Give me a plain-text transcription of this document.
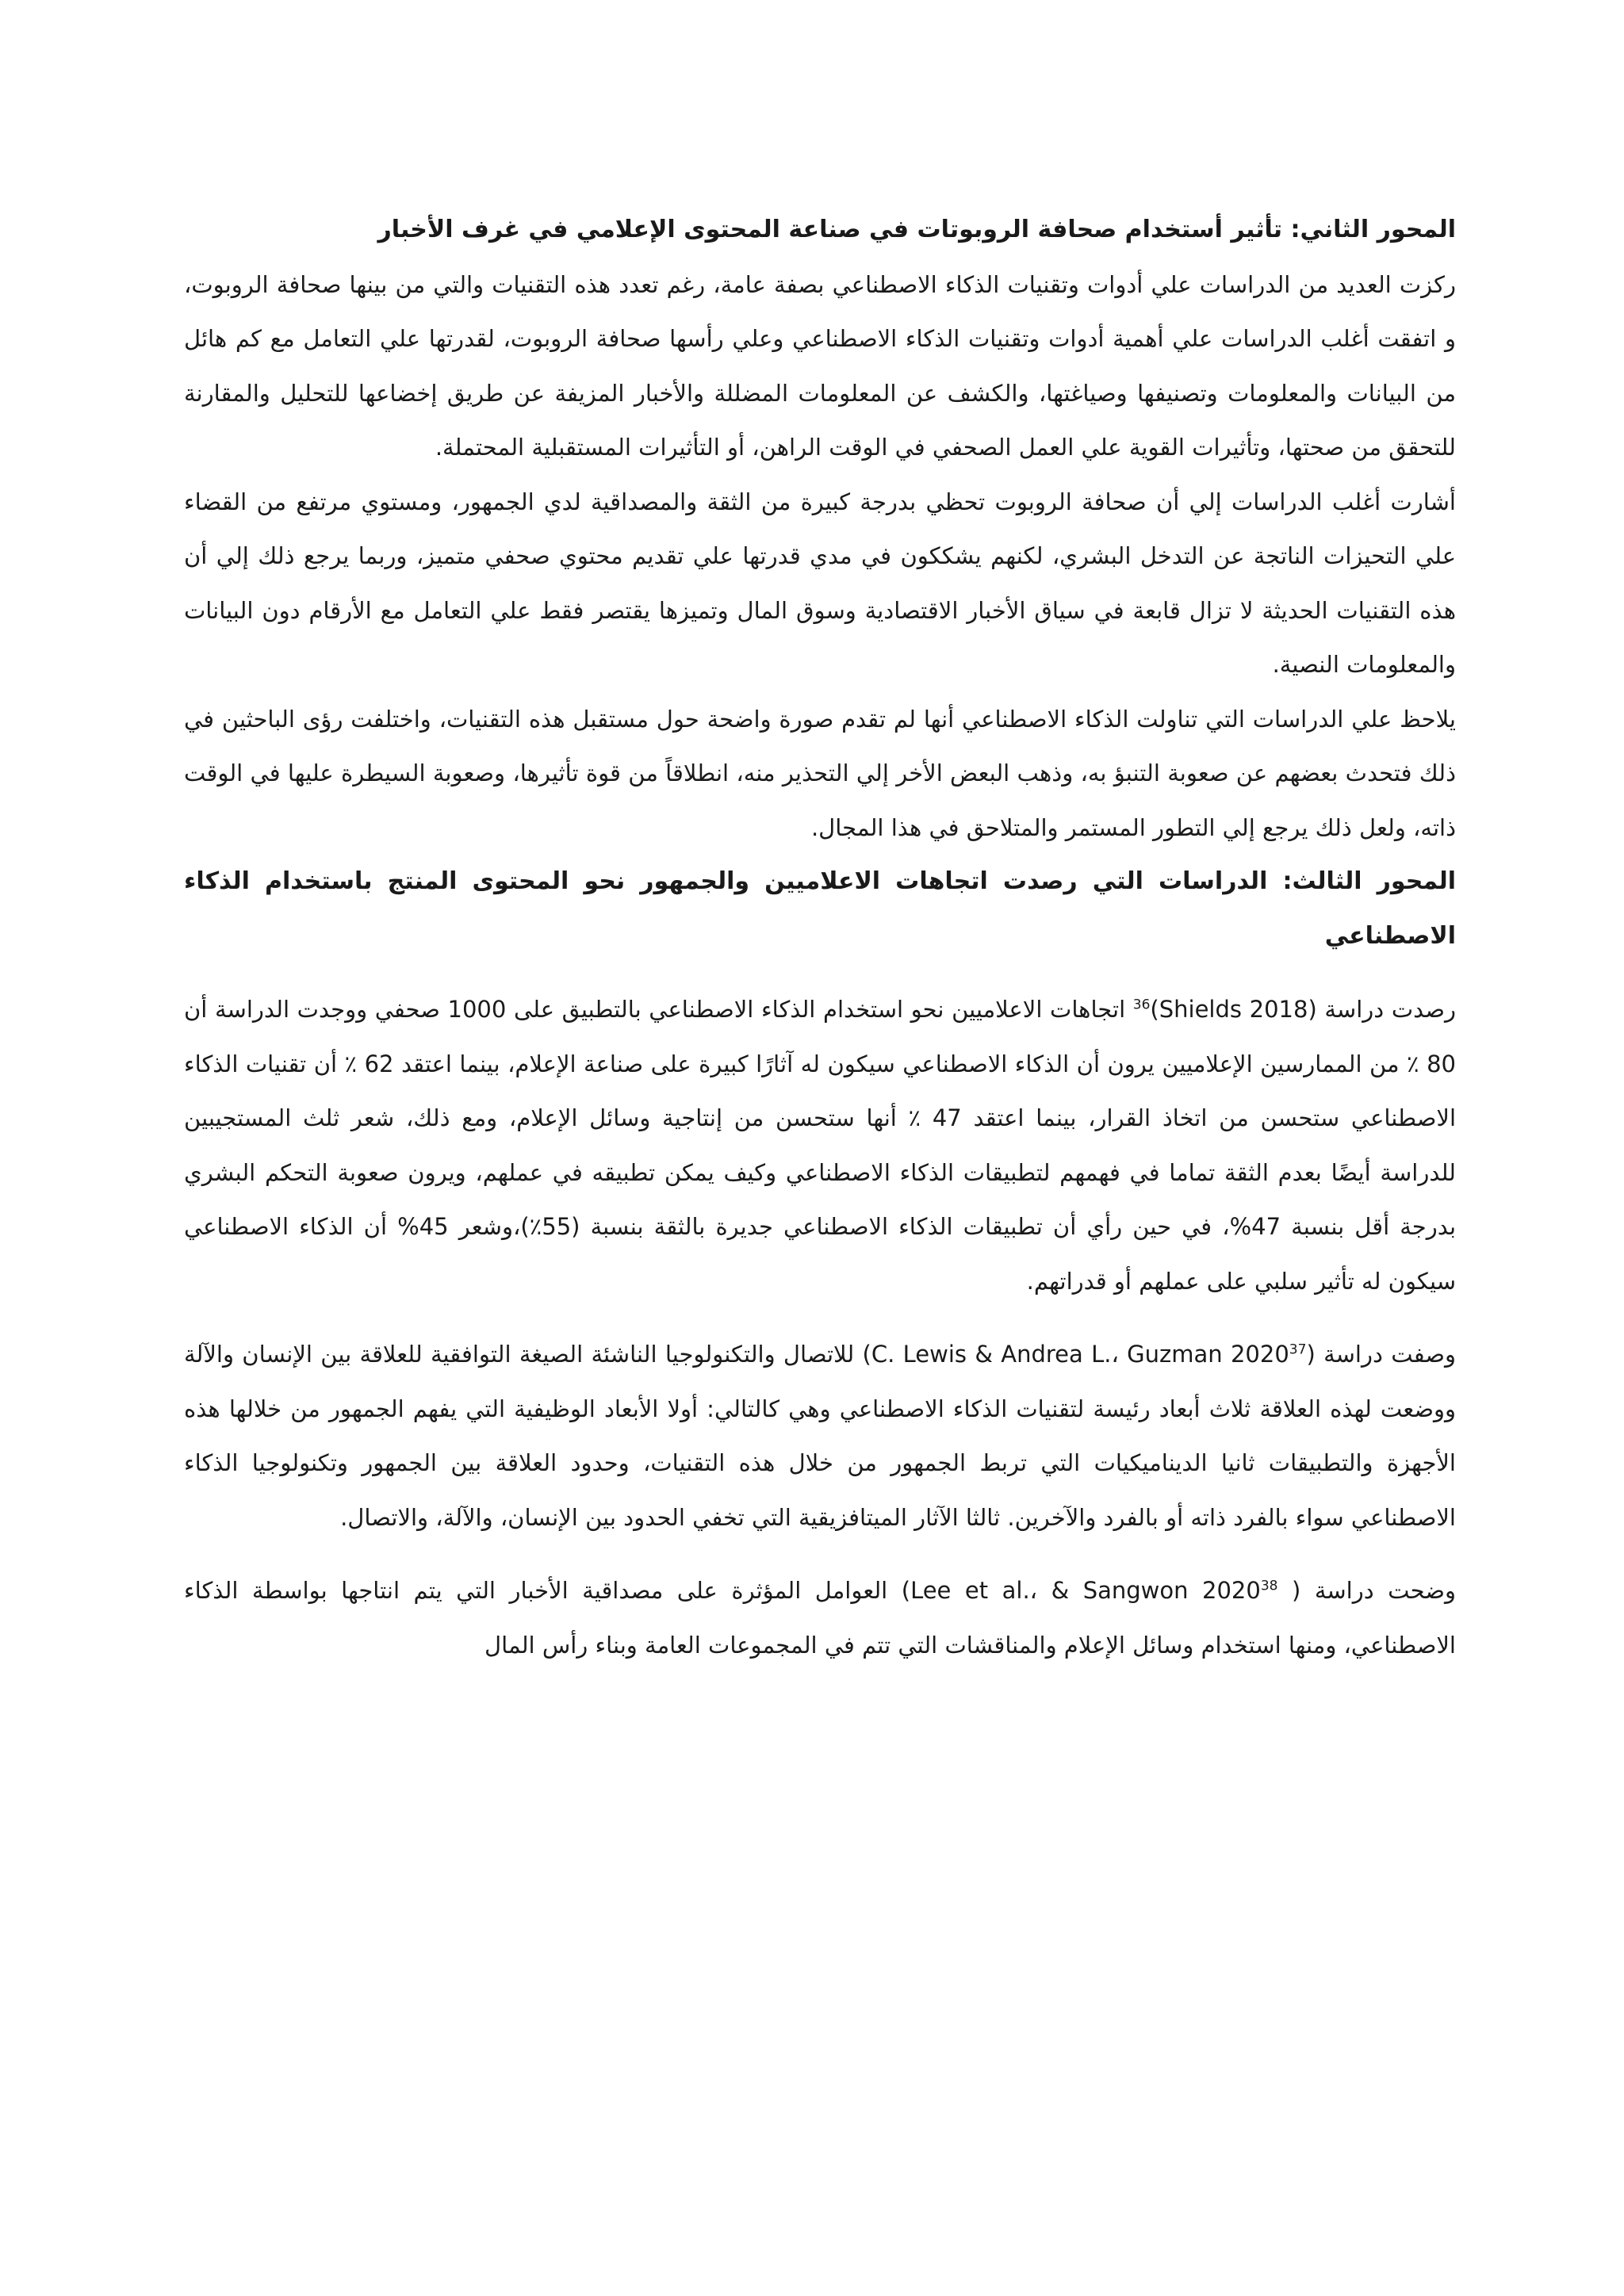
المحور الثاني: تأثير أستخدام صحافة الروبوتات في صناعة المحتوى الإعلامي في غرف الأخبار

ركزت العديد من الدراسات علي أدوات وتقنيات الذكاء الاصطناعي بصفة عامة، رغم تعدد هذه التقنيات والتي من بينها صحافة الروبوت، و اتفقت أغلب الدراسات علي أهمية أدوات وتقنيات الذكاء الاصطناعي وعلي رأسها صحافة الروبوت، لقدرتها علي التعامل مع كم هائل من البيانات والمعلومات وتصنيفها وصياغتها، والكشف عن المعلومات المضللة والأخبار المزيفة عن طريق إخضاعها للتحليل والمقارنة للتحقق من صحتها، وتأثيرات القوية علي العمل الصحفي في الوقت الراهن، أو التأثيرات المستقبلية المحتملة.

أشارت أغلب الدراسات إلي أن صحافة الروبوت تحظي بدرجة كبيرة من الثقة والمصداقية لدي الجمهور، ومستوي مرتفع من القضاء علي التحيزات الناتجة عن التدخل البشري، لكنهم يشككون في مدي قدرتها علي تقديم محتوي صحفي متميز، وربما يرجع ذلك إلي أن هذه التقنيات الحديثة لا تزال قابعة في سياق الأخبار الاقتصادية وسوق المال وتميزها يقتصر فقط علي التعامل مع الأرقام دون البيانات والمعلومات النصية.

يلاحظ علي الدراسات التي تناولت الذكاء الاصطناعي أنها لم تقدم صورة واضحة حول مستقبل هذه التقنيات، واختلفت رؤى الباحثين في ذلك فتحدث بعضهم عن صعوبة التنبؤ به، وذهب البعض الأخر إلي التحذير منه، انطلاقاً من قوة تأثيرها، وصعوبة السيطرة عليها في الوقت ذاته، ولعل ذلك يرجع إلي التطور المستمر والمتلاحق في هذا المجال.

المحور الثالث: الدراسات التي رصدت اتجاهات الاعلاميين والجمهور نحو المحتوى المنتج باستخدام الذكاء الاصطناعي

رصدت دراسة (Shields 2018)$^{36}$ اتجاهات الاعلاميين نحو استخدام الذكاء الاصطناعي بالتطبيق على 1000 صحفي ووجدت الدراسة أن 80 ٪ من الممارسين الإعلاميين يرون أن الذكاء الاصطناعي سيكون له آثارًا كبيرة على صناعة الإعلام، بينما اعتقد 62 ٪ أن تقنيات الذكاء الاصطناعي ستحسن من اتخاذ القرار، بينما اعتقد 47 ٪ أنها ستحسن من إنتاجية وسائل الإعلام، ومع ذلك، شعر ثلث المستجيبين للدراسة أيضًا بعدم الثقة تماما في فهمهم لتطبيقات الذكاء الاصطناعي وكيف يمكن تطبيقه في عملهم، ويرون صعوبة التحكم البشري بدرجة أقل بنسبة 47%، في حين رأي أن تطبيقات الذكاء الاصطناعي جديرة بالثقة بنسبة (55٪)،وشعر 45% أن الذكاء الاصطناعي سيكون له تأثير سلبي على عملهم أو قدراتهم.

وصفت دراسة (C. Lewis & Andrea L.، Guzman 2020$^{37}$) للاتصال والتكنولوجيا الناشئة الصيغة التوافقية للعلاقة بين الإنسان والآلة ووضعت لهذه العلاقة ثلاث أبعاد رئيسة لتقنيات الذكاء الاصطناعي وهي كالتالي: أولا الأبعاد الوظيفية التي يفهم الجمهور من خلالها هذه الأجهزة والتطبيقات ثانيا الديناميكيات التي تربط الجمهور من خلال هذه التقنيات، وحدود العلاقة بين الجمهور وتكنولوجيا الذكاء الاصطناعي سواء بالفرد ذاته أو بالفرد والآخرين. ثالثا الآثار الميتافزيقية التي تخفي الحدود بين الإنسان، والآلة، والاتصال.

وضحت دراسة ( Lee et al.، & Sangwon 2020$^{38}$) العوامل المؤثرة على مصداقية الأخبار التي يتم انتاجها بواسطة الذكاء الاصطناعي، ومنها استخدام وسائل الإعلام والمناقشات التي تتم في المجموعات العامة وبناء رأس المال
